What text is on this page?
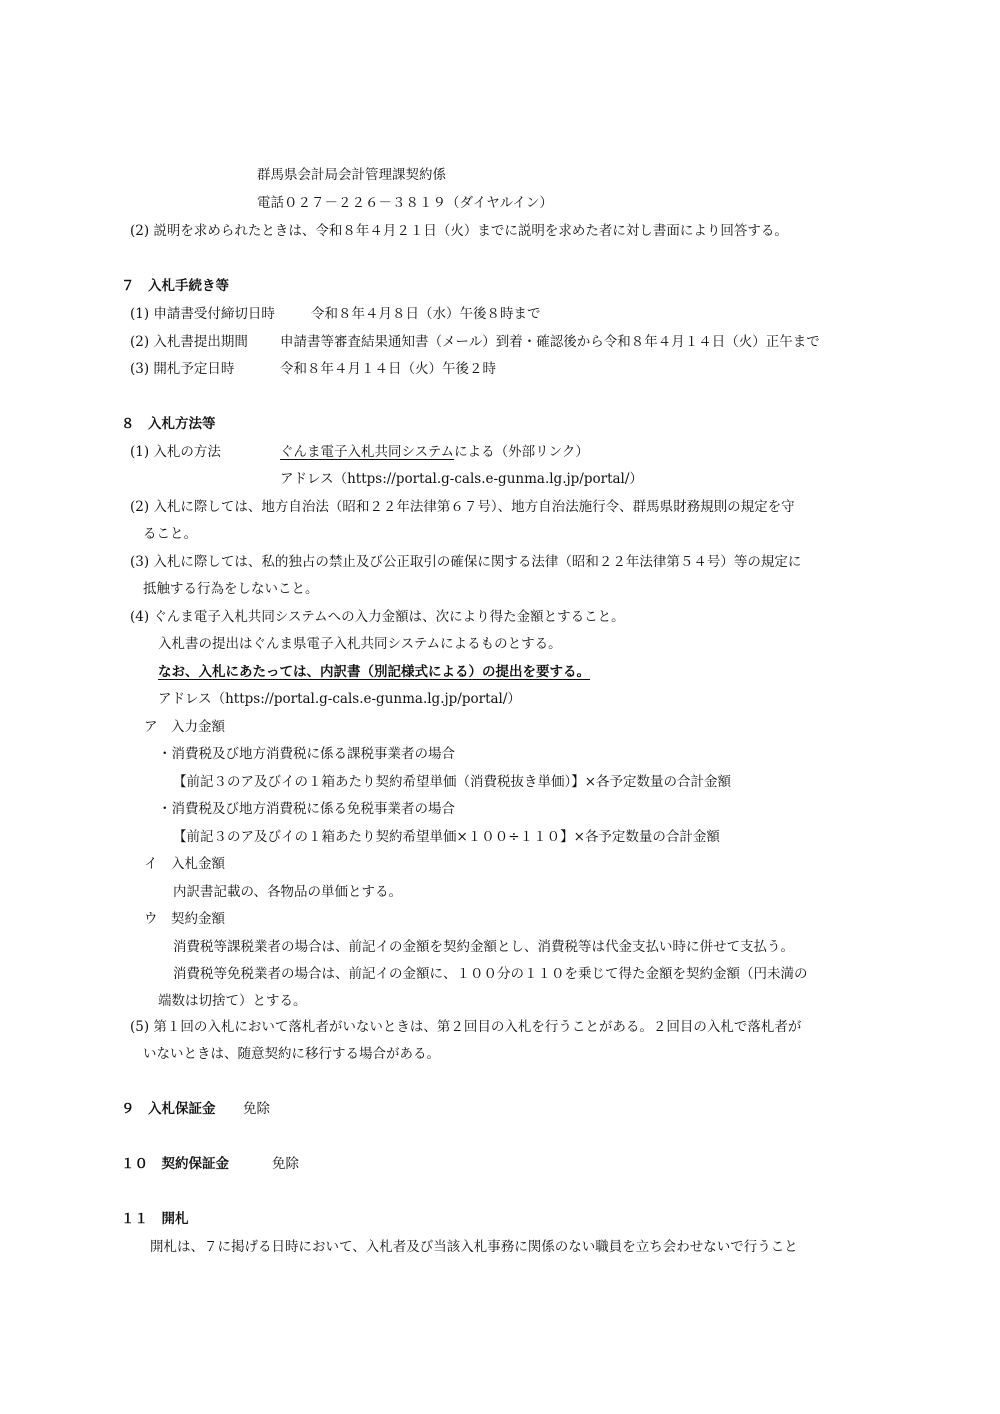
群馬県会計局会計管理課契約係
電話０２７－２２６－３８１９（ダイヤルイン）
(2) 説明を求められたときは、令和８年４月２１日（火）までに説明を求めた者に対し書面により回答する。
７　入札手続き等
(1) 申請書受付締切日時	令和８年４月８日（水）午後８時まで
(2) 入札書提出期間 申請書等審査結果通知書（メール）到着・確認後から令和８年４月１４日（火）正午まで
(3) 開札予定日時	令和８年４月１４日（火）午後２時
８　入札方法等
(1) 入札の方法	ぐんま電子入札共同システムによる（外部リンク）
アドレス（https://portal.g-cals.e-gunma.lg.jp/portal/）
(2) 入札に際しては、地方自治法（昭和２２年法律第６７号）、地方自治法施行令、群馬県財務規則の規定を守
ること。
(3) 入札に際しては、私的独占の禁止及び公正取引の確保に関する法律（昭和２２年法律第５４号）等の規定に
抵触する行為をしないこと。
(4) ぐんま電子入札共同システムへの入力金額は、次により得た金額とすること。
入札書の提出はぐんま県電子入札共同システムによるものとする。
なお、入札にあたっては、内訳書（別記様式による）の提出を要する。
アドレス（https://portal.g-cals.e-gunma.lg.jp/portal/）
ア　入力金額
・消費税及び地方消費税に係る課税事業者の場合
【前記３のア及びイの１箱あたり契約希望単価（消費税抜き単価）】×各予定数量の合計金額
・消費税及び地方消費税に係る免税事業者の場合
【前記３のア及びイの１箱あたり契約希望単価×１００÷１１０】×各予定数量の合計金額
イ　入札金額
内訳書記載の、各物品の単価とする。
ウ　契約金額
消費税等課税業者の場合は、前記イの金額を契約金額とし、消費税等は代金支払い時に併せて支払う。
消費税等免税業者の場合は、前記イの金額に、１００分の１１０を乗じて得た金額を契約金額（円未満の
端数は切捨て）とする。
(5) 第１回の入札において落札者がいないときは、第２回目の入札を行うことがある。２回目の入札で落札者が
いないときは、随意契約に移行する場合がある。
９　入札保証金 免除
１０　契約保証金	免除
１１　開札
開札は、７に掲げる日時において、入札者及び当該入札事務に関係のない職員を立ち会わせないで行うこと
